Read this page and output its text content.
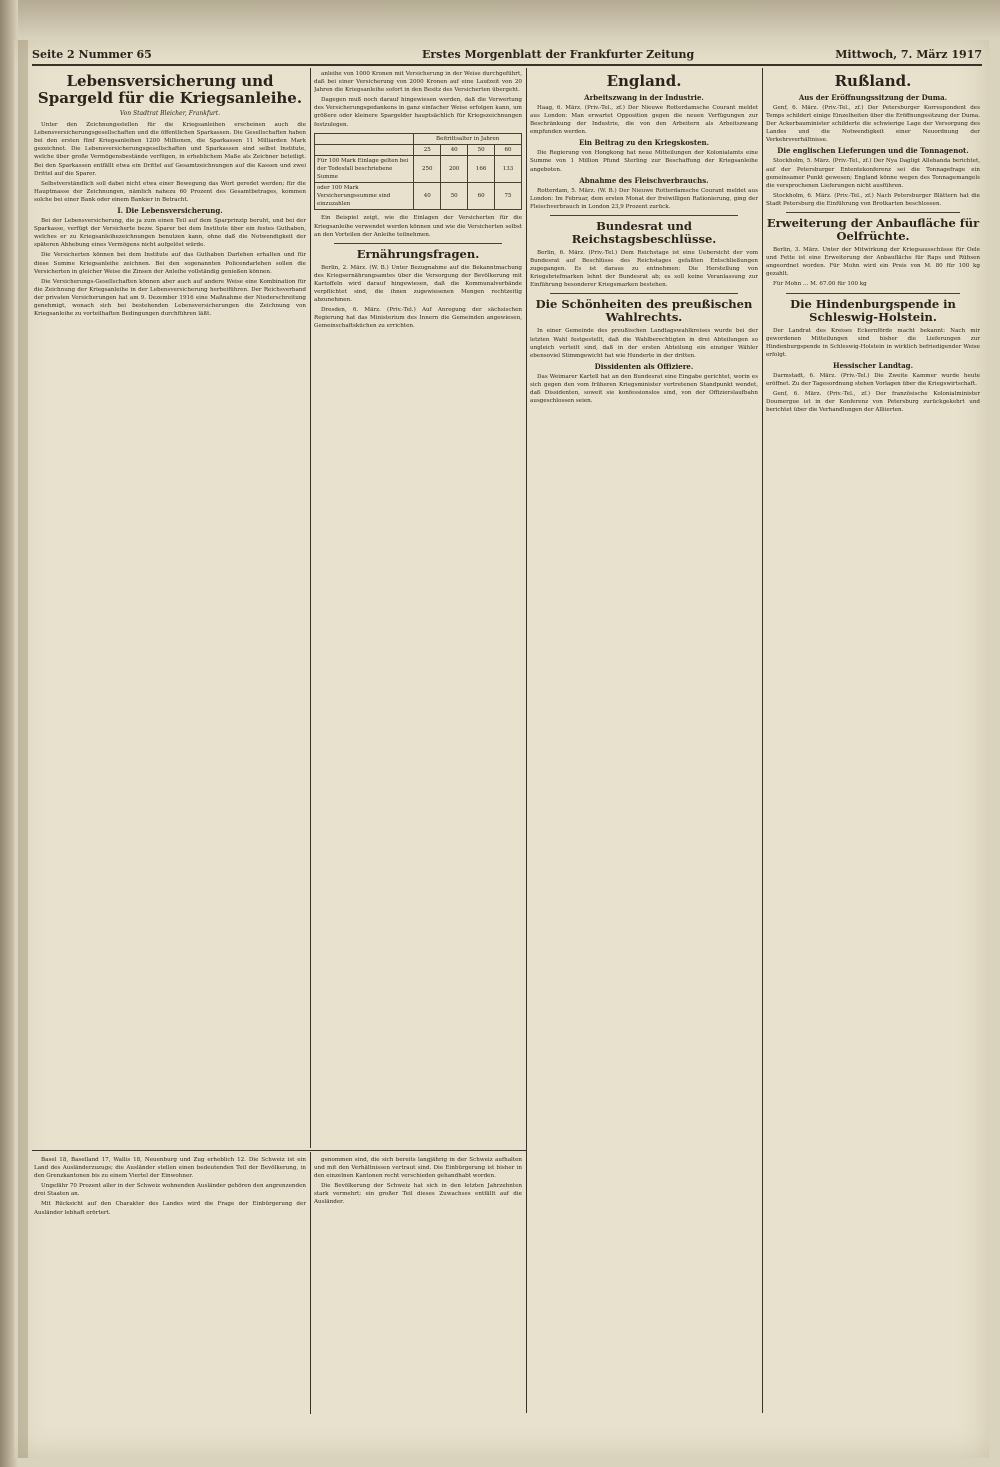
Seite 2 Nummer 65	Erstes Morgenblatt der Frankfurter Zeitung	Mittwoch, 7. März 1917
Lebensversicherung und Spargeld für die Kriegsanleihe.
Von Stadtrat Bleicher, Frankfurt.

Unter den Zeichnungsstellen für die Kriegsanleihen erscheinen auch die Lebensversicherungsgesellschaften und die öffentlichen Sparkassen. Die Gesellschaften haben bei den ersten fünf Kriegsanleihen 1200 Millionen, die Sparkassen 11 Milliarden Mark gezeichnet. Die Lebensversicherungsgesellschaften und Sparkassen sind selbst Institute, welche über große Vermögensbestände verfügen, in erheblichem Maße als Zeichner beteiligt. Bei den Sparkassen entfällt etwa ein Drittel auf Gesamtzeichnungen auf die Kassen und zwei Drittel auf die Sparer.

Selbstverständlich soll dabei nicht etwa einer Bewegung das Wort geredet werden; für die Hauptmasse der Zeichnungen, nämlich nahezu 60 Prozent des Gesamtbetrages, kommen solche bei einer Bank oder einem Bankier in Betracht.

I. Die Lebensversicherung.

Bei der Lebensversicherung, die ja zum einen Teil auf dem Sparprinzip beruht, und bei der Sparkasse, verfügt der Versicherte bezw. Sparer bei dem Institute über ein festes Guthaben, welches er zu Kriegsanleihezeichnungen benutzen kann, ohne daß die Notwendigkeit der späteren Abhebung eines Vermögens nicht aufgelöst würde.

Die Versicherten können bei dem Institute auf das Guthaben Darlehen erhalten und für diese Summe Kriegsanleihe zeichnen. Bei den sogenannten Policendarlehen sollen die Versicherten in gleicher Weise die Zinsen der Anleihe vollständig genießen können.

Die Versicherungs-Gesellschaften können aber auch auf andere Weise eine Kombination für die Zeichnung der Kriegsanleihe in der Lebensversicherung herbeiführen. Der Reichsverband der privaten Versicherungen hat am 9. Dezember 1916 eine Maßnahme der Niederschreitung genehmigt, wonach sich bei bestehenden Lebensversicherungen die Zeichnung von Kriegsanleihe zu vorteilhaften Bedingungen durchführen läßt.

anleihe von 1000 Kronen mit Versicherung in der Weise durchgeführt, daß bei einer Versicherung von 2000 Kronen auf eine Laufzeit von 20 Jahren die Kriegsanleihe sofort in den Besitz des Versicherten übergeht.

Dagegen muß noch darauf hingewiesen werden, daß die Verwertung des Versicherungsgedankens in ganz einfacher Weise erfolgen kann, um größere oder kleinere Spargelder hauptsächlich für Kriegszeichnungen festzulegen.

	Beitrittsalter in Jahren			
	25	40	50	60
Für 100 Mark Einlage gelten bei der Todesfall beschriebene Summe	250	200	166	133
oder 100 Mark Versicherungssumme sind einzuzahlen	40	50	60	75

Ein Beispiel zeigt, wie die Einlagen der Versicherten für die Kriegsanleihe verwendet werden können und wie die Versicherten selbst an den Vorteilen der Anleihe teilnehmen.

Ernährungsfragen.

Berlin, 2. März. (W. B.) Unter Bezugnahme auf die Bekanntmachung des Kriegsernährungsamtes über die Versorgung der Bevölkerung mit Kartoffeln wird darauf hingewiesen, daß die Kommunalverbände verpflichtet sind, die ihnen zugewiesenen Mengen rechtzeitig abzunehmen.

Dresden, 6. März. (Priv.-Tel.) Auf Anregung der sächsischen Regierung hat das Ministerium des Innern die Gemeinden angewiesen, Gemeinschaftsküchen zu errichten.

England.
Arbeitszwang in der Industrie.

Haag, 6. März. (Priv.-Tel., zf.) Der Nieuwe Rotterdamsche Courant meldet aus London: Man erwartet Opposition gegen die neuen Verfügungen zur Beschränkung der Industrie, die von den Arbeitern als Arbeitszwang empfunden werden.

Ein Beitrag zu den Kriegskosten.

Die Regierung von Hongkong hat neue Mitteilungen der Kolonialamts eine Summe von 1 Million Pfund Sterling zur Beschaffung der Kriegsanleihe angeboten.

Abnahme des Fleischverbrauchs.

Rotterdam, 5. März. (W. B.) Der Nieuwe Rotterdamsche Courant meldet aus London: Im Februar, dem ersten Monat der freiwilligen Rationierung, ging der Fleischverbrauch in London 23,9 Prozent zurück.

Bundesrat und Reichstagsbeschlüsse.

Berlin, 6. März. (Priv.-Tel.) Dem Reichstage ist eine Uebersicht der vom Bundesrat auf Beschlüsse des Reichstages gefaßten Entschließungen zugegangen. Es ist daraus zu entnehmen: Die Herstellung von Kriegsbriefmarken lehnt der Bundesrat ab; es soll keine Veranlassung zur Einführung besonderer Kriegsmarken bestehen.

Die Schönheiten des preußischen Wahlrechts.

In einer Gemeinde des preußischen Landtagswahlkreises wurde bei der letzten Wahl festgestellt, daß die Wahlberechtigten in drei Abteilungen so ungleich verteilt sind, daß in der ersten Abteilung ein einziger Wähler ebensoviel Stimmgewicht hat wie Hunderte in der dritten.

Dissidenten als Offiziere.

Das Weimarer Kartell hat an den Bundesrat eine Eingabe gerichtet, worin es sich gegen den vom früheren Kriegsminister vertretenen Standpunkt wendet, daß Dissidenten, soweit sie konfessionslos sind, von der Offizierslaufbahn ausgeschlossen seien.

Rußland.
Aus der Eröffnungssitzung der Duma.

Genf, 6. März. (Priv.-Tel., zf.) Der Petersburger Korrespondent des Temps schildert einige Einzelheiten über die Eröffnungssitzung der Duma. Der Ackerbauminister schilderte die schwierige Lage der Versorgung des Landes und die Notwendigkeit einer Neuordnung der Verkehrsverhältnisse.

Die englischen Lieferungen und die Tonnagenot.

Stockholm, 5. März. (Priv.-Tel., zf.) Der Nya Dagligt Allehanda berichtet, auf der Petersburger Ententekonferenz sei die Tonnagefrage ein gemeinsamer Punkt gewesen; England könne wegen des Tonnagemangels die versprochenen Lieferungen nicht ausführen.

Stockholm, 6. März. (Priv.-Tel., zf.) Nach Petersburger Blättern hat die Stadt Petersburg die Einführung von Brotkarten beschlossen.

Erweiterung der Anbaufläche für Oelfrüchte.

Berlin, 3. März. Unter der Mitwirkung der Kriegsausschüsse für Oele und Fette ist eine Erweiterung der Anbaufläche für Raps und Rübsen angeordnet worden. Für Mohn wird ein Preis von M. 80 für 100 kg gezahlt.

Für Mohn ... M. 67.00 für 100 kg

Die Hindenburgspende in Schleswig-Holstein.

Der Landrat des Kreises Eckernförde macht bekannt: Nach mir gewordenen Mitteilungen sind bisher die Lieferungen zur Hindenburgspende in Schleswig-Holstein in wirklich befriedigender Weise erfolgt.

Hessischer Landtag.

Darmstadt, 6. März. (Priv.-Tel.) Die Zweite Kammer wurde heute eröffnet. Zu der Tagesordnung stehen Vorlagen über die Kriegswirtschaft.

Genf, 6. März. (Priv.-Tel., zf.) Der französische Kolonialminister Doumergue ist in der Konferenz von Petersburg zurückgekehrt und berichtet über die Verhandlungen der Alliierten.

Basel 18, Baselland 17, Wallis 18, Neuenburg und Zug erheblich 12. Die Schweiz ist ein Land des Ausländerzuzugs; die Ausländer stellen einen bedeutenden Teil der Bevölkerung, in den Grenzkantonen bis zu einem Viertel der Einwohner.

Ungefähr 70 Prozent aller in der Schweiz wohnenden Ausländer gehören den angrenzenden drei Staaten an.

Mit Rücksicht auf den Charakter des Landes wird die Frage der Einbürgerung der Ausländer lebhaft erörtert.

genommen sind, die sich bereits langjährig in der Schweiz aufhalten und mit den Verhältnissen vertraut sind. Die Einbürgerung ist bisher in den einzelnen Kantonen recht verschieden gehandhabt worden.

Die Bevölkerung der Schweiz hat sich in den letzten Jahrzehnten stark vermehrt; ein großer Teil dieses Zuwachses entfällt auf die Ausländer.
